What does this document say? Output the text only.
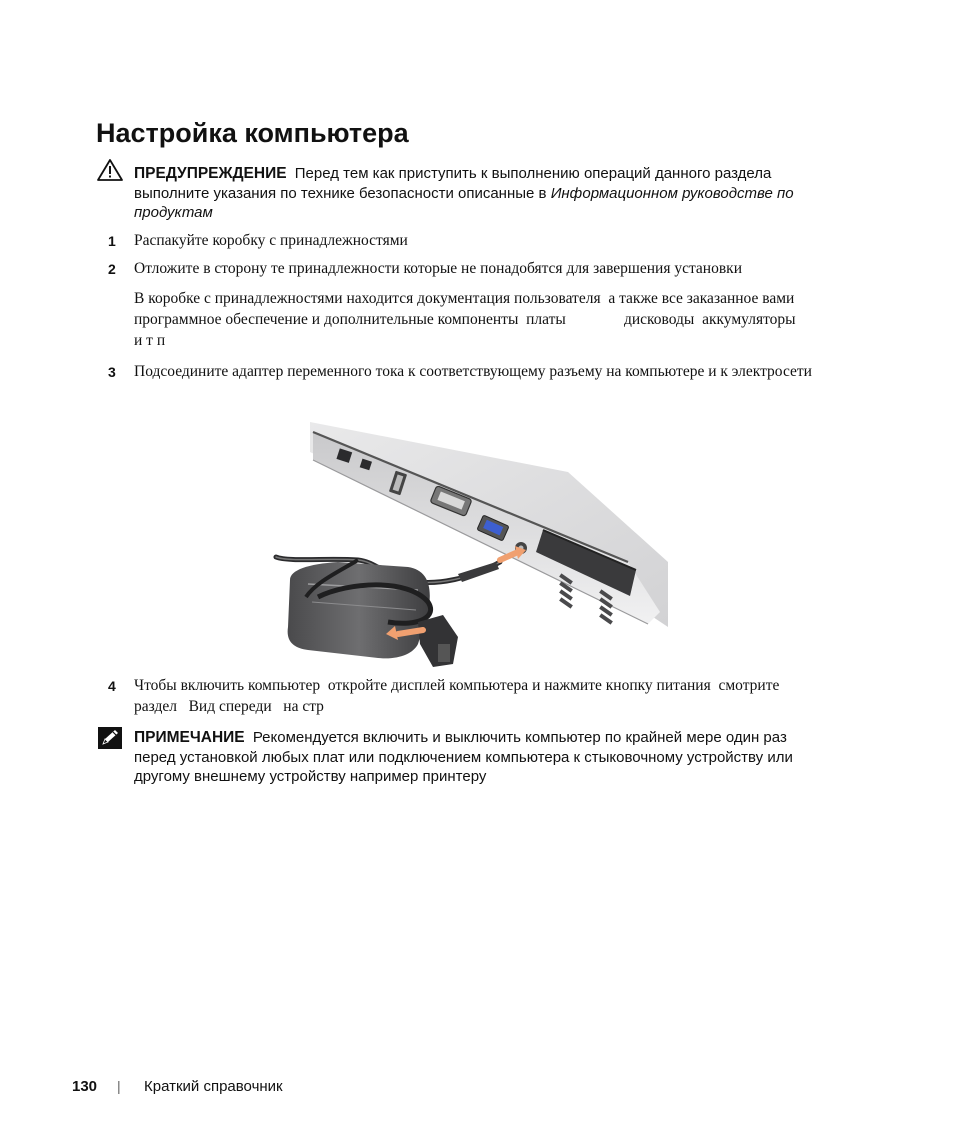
Настройка компьютера
ПРЕДУПРЕЖДЕНИЕ Перед тем как приступить к выполнению операций данного раздела
выполните указания по технике безопасности описанные в Информационном руководстве по
продуктам
1 Распакуйте коробку с принадлежностями
2 Отложите в сторону те принадлежности которые не понадобятся для завершения установки
В коробке с принадлежностями находится документация пользователя  а также все заказанное вами
программное обеспечение и дополнительные компоненты  платы               дисководы  аккумуляторы
и т п
3 Подсоедините адаптер переменного тока к соответствующему разъему на компьютере и к электросети
4 Чтобы включить компьютер  откройте дисплей компьютера и нажмите кнопку питания  смотрите
раздел   Вид спереди   на стр
ПРИМЕЧАНИЕ Рекомендуется включить и выключить компьютер по крайней мере один раз
перед установкой любых плат или подключением компьютера к стыковочному устройству или
другому внешнему устройству например принтеру
130 | Краткий справочник
